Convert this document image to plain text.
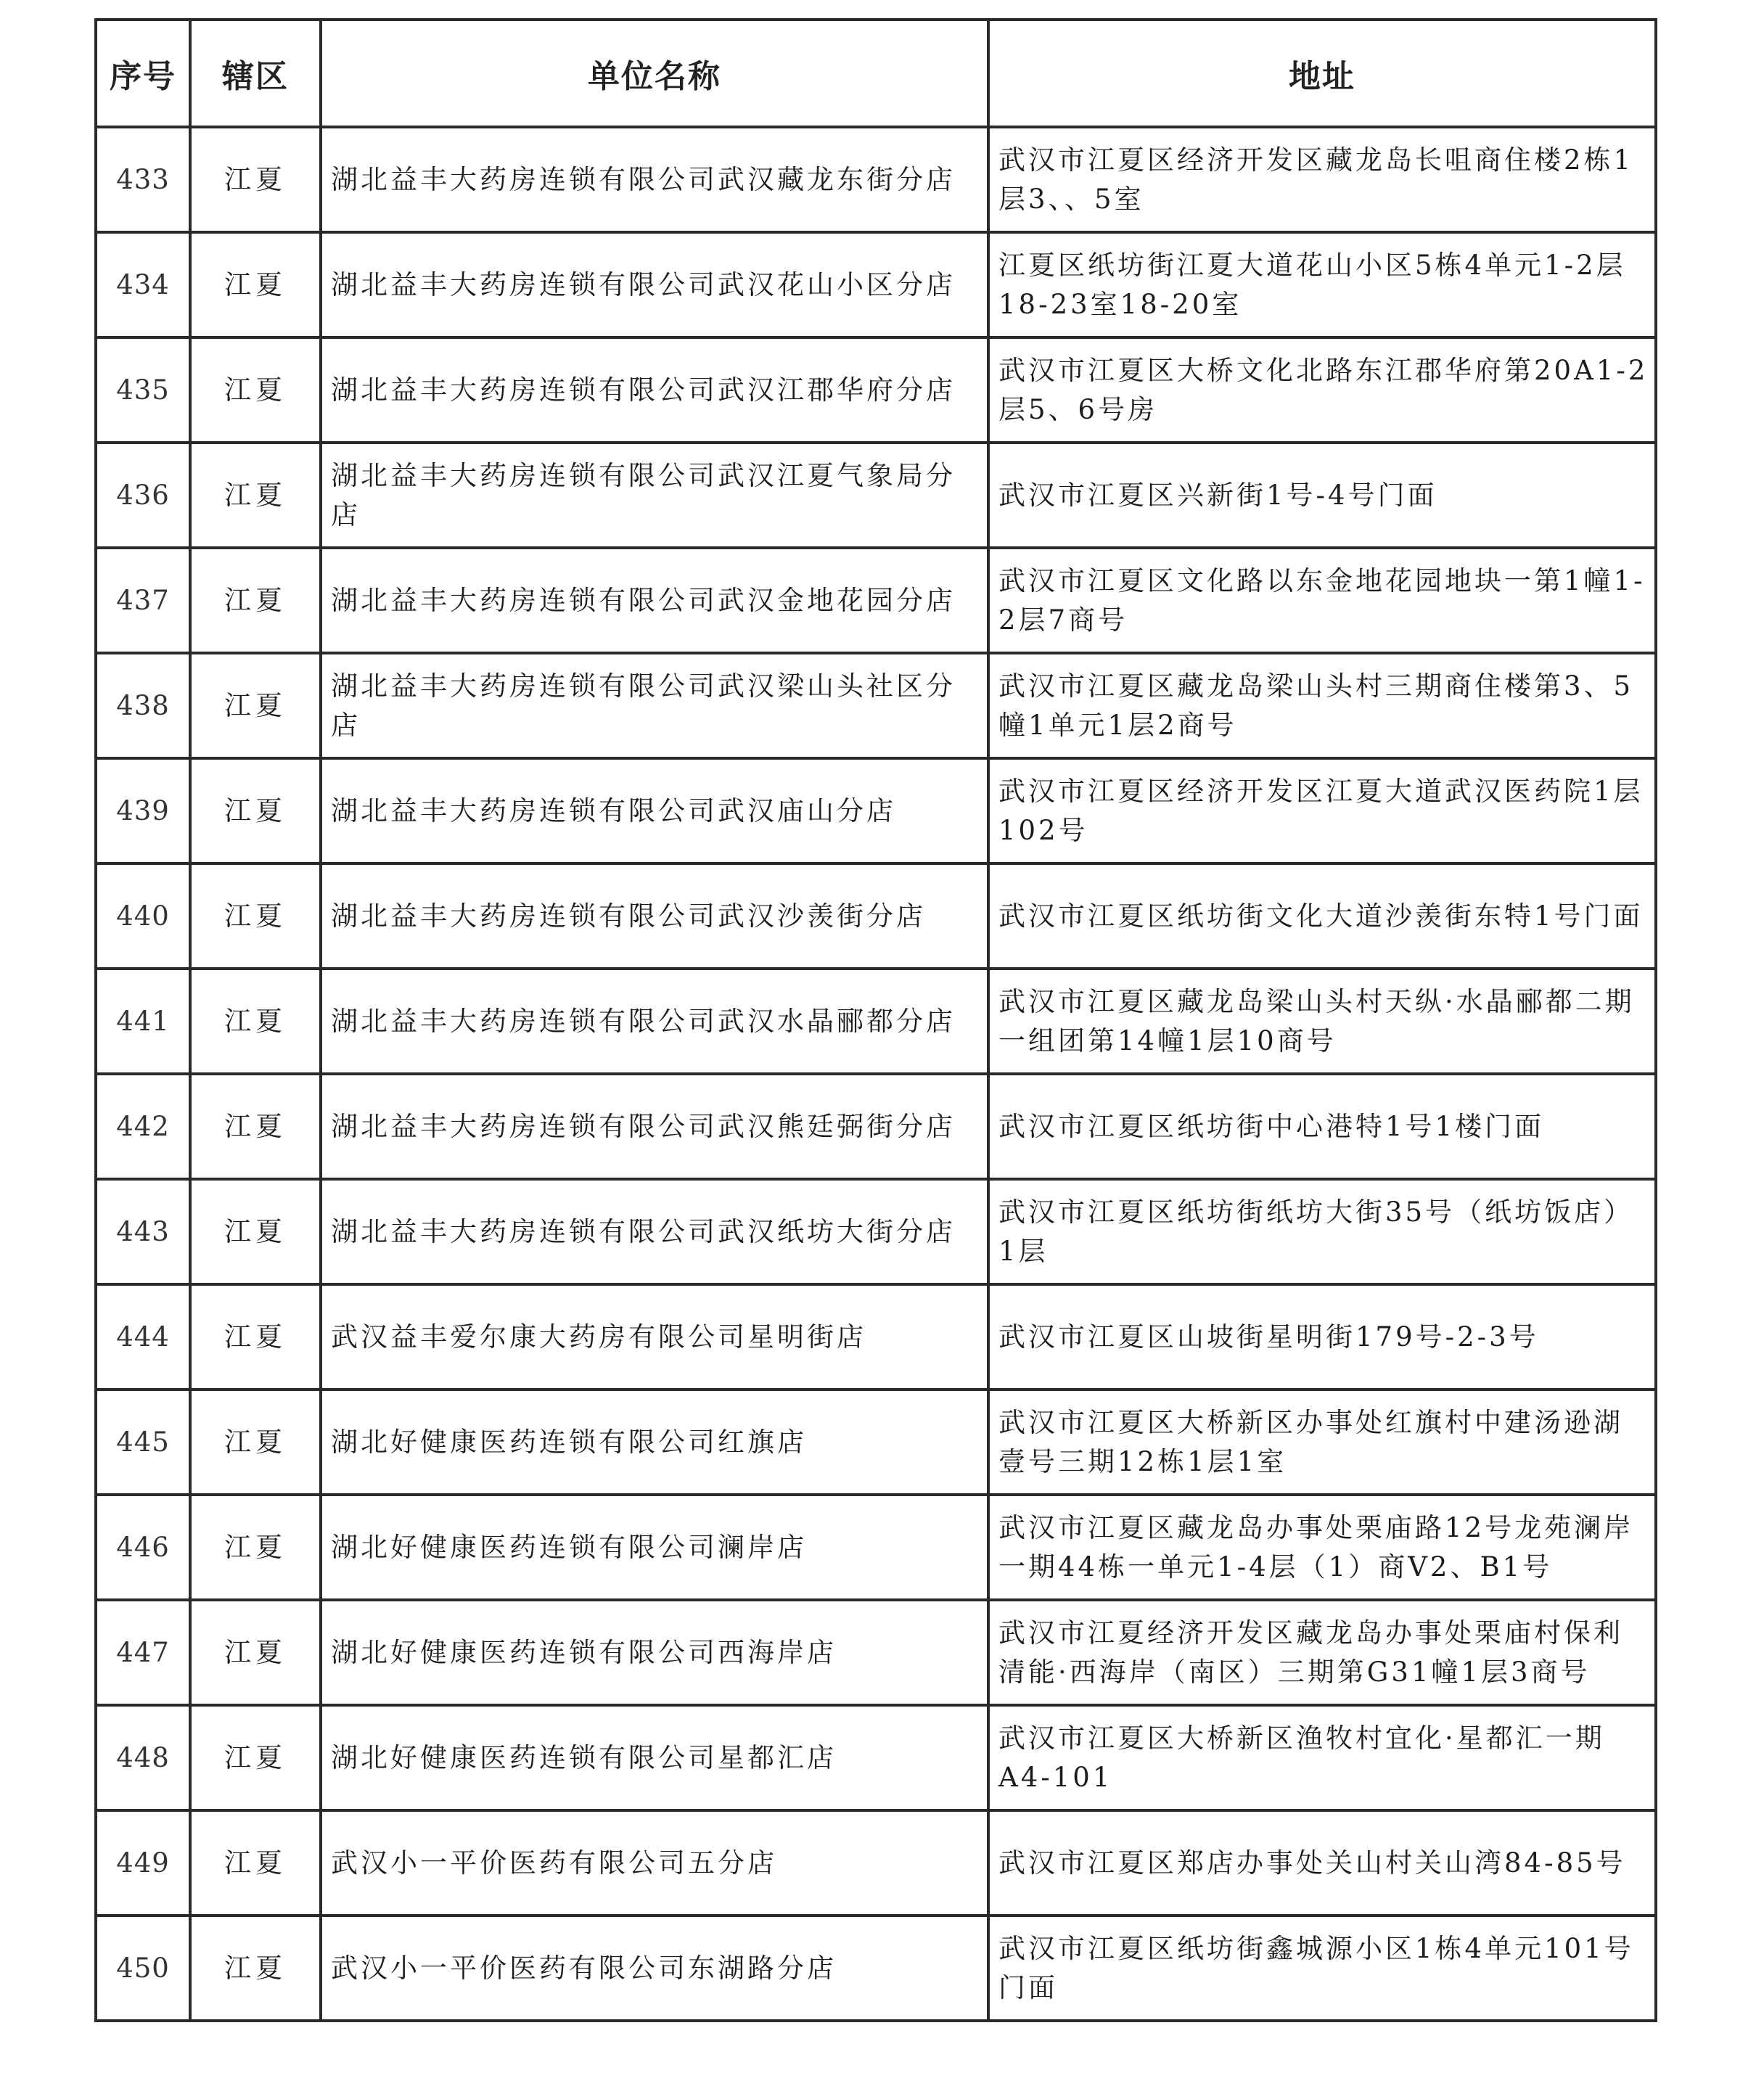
序号	辖区	单位名称	地址
433	江夏	湖北益丰大药房连锁有限公司武汉藏龙东街分店	武汉市江夏区经济开发区藏龙岛长咀商住楼2栋1层3、、5室
434	江夏	湖北益丰大药房连锁有限公司武汉花山小区分店	江夏区纸坊街江夏大道花山小区5栋4单元1-2层18-23室18-20室
435	江夏	湖北益丰大药房连锁有限公司武汉江郡华府分店	武汉市江夏区大桥文化北路东江郡华府第20A1-2层5、6号房
436	江夏	湖北益丰大药房连锁有限公司武汉江夏气象局分店	武汉市江夏区兴新街1号-4号门面
437	江夏	湖北益丰大药房连锁有限公司武汉金地花园分店	武汉市江夏区文化路以东金地花园地块一第1幢1-2层7商号
438	江夏	湖北益丰大药房连锁有限公司武汉梁山头社区分店	武汉市江夏区藏龙岛梁山头村三期商住楼第3、5幢1单元1层2商号
439	江夏	湖北益丰大药房连锁有限公司武汉庙山分店	武汉市江夏区经济开发区江夏大道武汉医药院1层102号
440	江夏	湖北益丰大药房连锁有限公司武汉沙羡街分店	武汉市江夏区纸坊街文化大道沙羡街东特1号门面
441	江夏	湖北益丰大药房连锁有限公司武汉水晶郦都分店	武汉市江夏区藏龙岛梁山头村天纵·水晶郦都二期一组团第14幢1层10商号
442	江夏	湖北益丰大药房连锁有限公司武汉熊廷弼街分店	武汉市江夏区纸坊街中心港特1号1楼门面
443	江夏	湖北益丰大药房连锁有限公司武汉纸坊大街分店	武汉市江夏区纸坊街纸坊大街35号（纸坊饭店）1层
444	江夏	武汉益丰爱尔康大药房有限公司星明街店	武汉市江夏区山坡街星明街179号-2-3号
445	江夏	湖北好健康医药连锁有限公司红旗店	武汉市江夏区大桥新区办事处红旗村中建汤逊湖壹号三期12栋1层1室
446	江夏	湖北好健康医药连锁有限公司澜岸店	武汉市江夏区藏龙岛办事处栗庙路12号龙苑澜岸一期44栋一单元1-4层（1）商V2、B1号
447	江夏	湖北好健康医药连锁有限公司西海岸店	武汉市江夏经济开发区藏龙岛办事处栗庙村保利清能·西海岸（南区）三期第G31幢1层3商号
448	江夏	湖北好健康医药连锁有限公司星都汇店	武汉市江夏区大桥新区渔牧村宜化·星都汇一期A4-101
449	江夏	武汉小一平价医药有限公司五分店	武汉市江夏区郑店办事处关山村关山湾84-85号
450	江夏	武汉小一平价医药有限公司东湖路分店	武汉市江夏区纸坊街鑫城源小区1栋4单元101号门面
